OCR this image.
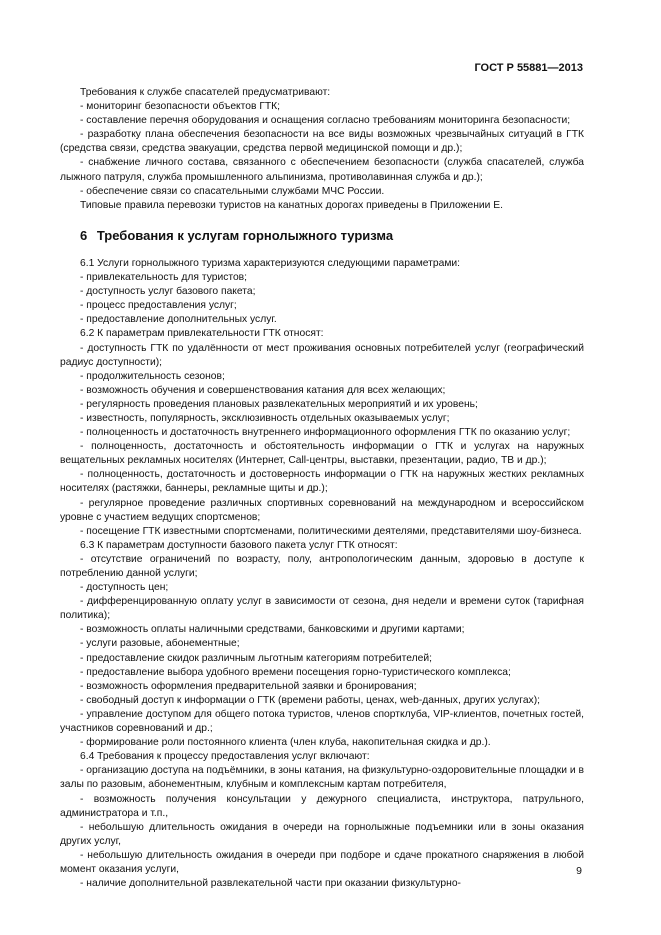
ГОСТ Р 55881—2013

Требования к службе спасателей предусматривают:

- мониторинг безопасности объектов ГТК;

- составление перечня оборудования и оснащения согласно требованиям мониторинга безопасности;

- разработку плана обеспечения безопасности на все виды возможных чрезвычайных ситуаций в ГТК (средства связи, средства эвакуации, средства первой медицинской помощи и др.);

- снабжение личного состава, связанного с обеспечением безопасности (служба спасателей, служба лыжного патруля, служба промышленного альпинизма, противолавинная служба и др.);

- обеспечение связи со спасательными службами МЧС России.

Типовые правила перевозки туристов на канатных дорогах приведены в Приложении Е.

6 Требования к услугам горнолыжного туризма

6.1 Услуги горнолыжного туризма характеризуются следующими параметрами:

- привлекательность для туристов;

- доступность услуг базового пакета;

- процесс предоставления услуг;

- предоставление дополнительных услуг.

6.2 К параметрам привлекательности ГТК относят:

- доступность ГТК по удалённости от мест проживания основных потребителей услуг (географический радиус доступности);

- продолжительность сезонов;

- возможность обучения и совершенствования катания для всех желающих;

- регулярность проведения плановых развлекательных мероприятий и их уровень;

- известность, популярность, эксклюзивность отдельных оказываемых услуг;

- полноценность и достаточность внутреннего информационного оформления ГТК по оказанию услуг;

- полноценность, достаточность и обстоятельность информации о ГТК и услугах на наружных вещательных рекламных носителях (Интернет, Call-центры, выставки, презентации, радио, ТВ и др.);

- полноценность, достаточность и достоверность информации о ГТК на наружных жестких рекламных носителях (растяжки, баннеры, рекламные щиты и др.);

- регулярное проведение различных спортивных соревнований на международном и всероссийском уровне с участием ведущих спортсменов;

- посещение ГТК известными спортсменами, политическими деятелями, представителями шоу-бизнеса.

6.3 К параметрам доступности базового пакета услуг ГТК относят:

- отсутствие ограничений по возрасту, полу, антропологическим данным, здоровью в доступе к потреблению данной услуги;

- доступность цен;

- дифференцированную оплату услуг в зависимости от сезона, дня недели и времени суток (тарифная политика);

- возможность оплаты наличными средствами, банковскими и другими картами;

- услуги разовые, абонементные;

- предоставление скидок различным льготным категориям потребителей;

- предоставление выбора удобного времени посещения горно-туристического комплекса;

- возможность оформления предварительной заявки и бронирования;

- свободный доступ к информации о ГТК (времени работы, ценах, web-данных, других услугах);

- управление доступом для общего потока туристов, членов спортклуба, VIP-клиентов, почетных гостей, участников соревнований и др.;

- формирование роли постоянного клиента (член клуба, накопительная скидка и др.).

6.4 Требования к процессу предоставления услуг включают:

- организацию доступа на подъёмники, в зоны катания, на физкультурно-оздоровительные площадки и в залы по разовым, абонементным, клубным и комплексным картам потребителя,

- возможность получения консультации у дежурного специалиста, инструктора, патрульного, администратора и т.п.,

- небольшую длительность ожидания в очереди на горнолыжные подъемники или в зоны оказания других услуг,

- небольшую длительность ожидания в очереди при подборе и сдаче прокатного снаряжения в любой момент оказания услуги,

- наличие дополнительной развлекательной части при оказании физкультурно-

9
